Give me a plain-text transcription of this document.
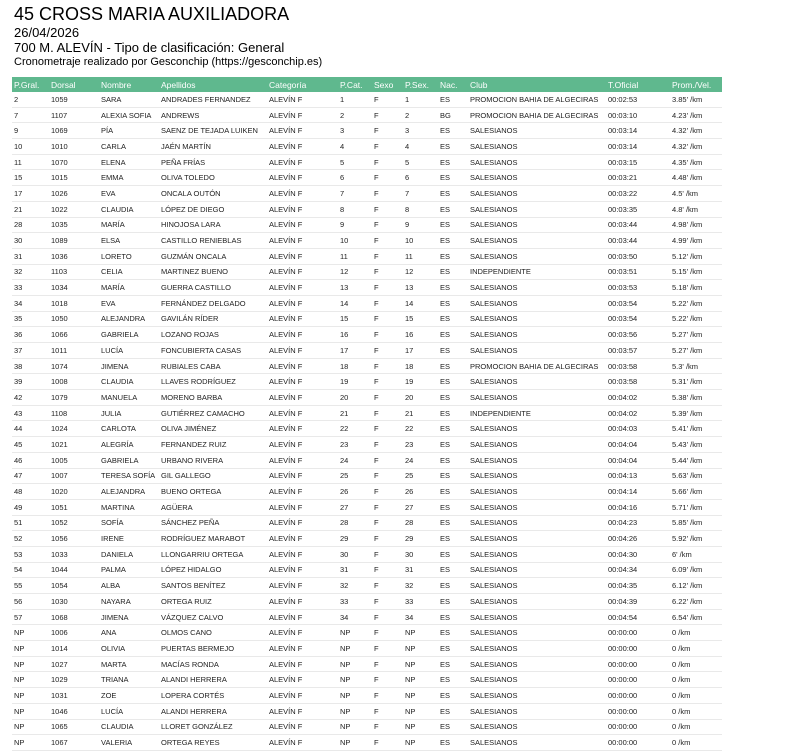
45 CROSS MARIA AUXILIADORA
26/04/2026
700 M. ALEVÍN - Tipo de clasificación: General
Cronometraje realizado por Gesconchip (https://gesconchip.es)
P.Gral.	Dorsal	Nombre	Apellidos	Categoría	P.Cat.	Sexo	P.Sex.	Nac.	Club	T.Oficial	Prom./Vel.
2	1059	SARA	ANDRADES FERNANDEZ	ALEVÍN F	1	F	1	ES	PROMOCION BAHIA DE ALGECIRAS	00:02:53	3.85' /km
7	1107	ALEXIA SOFIA	ANDREWS	ALEVÍN F	2	F	2	BG	PROMOCION BAHIA DE ALGECIRAS	00:03:10	4.23' /km
9	1069	PÍA	SAENZ DE TEJADA LUIKEN	ALEVÍN F	3	F	3	ES	SALESIANOS	00:03:14	4.32' /km
10	1010	CARLA	JAÉN MARTÍN	ALEVÍN F	4	F	4	ES	SALESIANOS	00:03:14	4.32' /km
11	1070	ELENA	PEÑA FRÍAS	ALEVÍN F	5	F	5	ES	SALESIANOS	00:03:15	4.35' /km
15	1015	EMMA	OLIVA TOLEDO	ALEVÍN F	6	F	6	ES	SALESIANOS	00:03:21	4.48' /km
17	1026	EVA	ONCALA OUTÓN	ALEVÍN F	7	F	7	ES	SALESIANOS	00:03:22	4.5' /km
21	1022	CLAUDIA	LÓPEZ DE DIEGO	ALEVÍN F	8	F	8	ES	SALESIANOS	00:03:35	4.8' /km
28	1035	MARÍA	HINOJOSA LARA	ALEVÍN F	9	F	9	ES	SALESIANOS	00:03:44	4.98' /km
30	1089	ELSA	CASTILLO RENIEBLAS	ALEVÍN F	10	F	10	ES	SALESIANOS	00:03:44	4.99' /km
31	1036	LORETO	GUZMÁN ONCALA	ALEVÍN F	11	F	11	ES	SALESIANOS	00:03:50	5.12' /km
32	1103	CELIA	MARTINEZ BUENO	ALEVÍN F	12	F	12	ES	INDEPENDIENTE	00:03:51	5.15' /km
33	1034	MARÍA	GUERRA CASTILLO	ALEVÍN F	13	F	13	ES	SALESIANOS	00:03:53	5.18' /km
34	1018	EVA	FERNÁNDEZ DELGADO	ALEVÍN F	14	F	14	ES	SALESIANOS	00:03:54	5.22' /km
35	1050	ALEJANDRA	GAVILÁN RÍDER	ALEVÍN F	15	F	15	ES	SALESIANOS	00:03:54	5.22' /km
36	1066	GABRIELA	LOZANO ROJAS	ALEVÍN F	16	F	16	ES	SALESIANOS	00:03:56	5.27' /km
37	1011	LUCÍA	FONCUBIERTA CASAS	ALEVÍN F	17	F	17	ES	SALESIANOS	00:03:57	5.27' /km
38	1074	JIMENA	RUBIALES CABA	ALEVÍN F	18	F	18	ES	PROMOCION BAHIA DE ALGECIRAS	00:03:58	5.3' /km
39	1008	CLAUDIA	LLAVES RODRÍGUEZ	ALEVÍN F	19	F	19	ES	SALESIANOS	00:03:58	5.31' /km
42	1079	MANUELA	MORENO BARBA	ALEVÍN F	20	F	20	ES	SALESIANOS	00:04:02	5.38' /km
43	1108	JULIA	GUTIÉRREZ CAMACHO	ALEVÍN F	21	F	21	ES	INDEPENDIENTE	00:04:02	5.39' /km
44	1024	CARLOTA	OLIVA JIMÉNEZ	ALEVÍN F	22	F	22	ES	SALESIANOS	00:04:03	5.41' /km
45	1021	ALEGRÍA	FERNANDEZ RUIZ	ALEVÍN F	23	F	23	ES	SALESIANOS	00:04:04	5.43' /km
46	1005	GABRIELA	URBANO RIVERA	ALEVÍN F	24	F	24	ES	SALESIANOS	00:04:04	5.44' /km
47	1007	TERESA SOFÍA	GIL GALLEGO	ALEVÍN F	25	F	25	ES	SALESIANOS	00:04:13	5.63' /km
48	1020	ALEJANDRA	BUENO ORTEGA	ALEVÍN F	26	F	26	ES	SALESIANOS	00:04:14	5.66' /km
49	1051	MARTINA	AGÜERA	ALEVÍN F	27	F	27	ES	SALESIANOS	00:04:16	5.71' /km
51	1052	SOFÍA	SÁNCHEZ PEÑA	ALEVÍN F	28	F	28	ES	SALESIANOS	00:04:23	5.85' /km
52	1056	IRENE	RODRÍGUEZ MARABOT	ALEVÍN F	29	F	29	ES	SALESIANOS	00:04:26	5.92' /km
53	1033	DANIELA	LLONGARRIU ORTEGA	ALEVÍN F	30	F	30	ES	SALESIANOS	00:04:30	6' /km
54	1044	PALMA	LÓPEZ HIDALGO	ALEVÍN F	31	F	31	ES	SALESIANOS	00:04:34	6.09' /km
55	1054	ALBA	SANTOS BENÍTEZ	ALEVÍN F	32	F	32	ES	SALESIANOS	00:04:35	6.12' /km
56	1030	NAYARA	ORTEGA RUIZ	ALEVÍN F	33	F	33	ES	SALESIANOS	00:04:39	6.22' /km
57	1068	JIMENA	VÁZQUEZ CALVO	ALEVÍN F	34	F	34	ES	SALESIANOS	00:04:54	6.54' /km
NP	1006	ANA	OLMOS CANO	ALEVÍN F	NP	F	NP	ES	SALESIANOS	00:00:00	0 /km
NP	1014	OLIVIA	PUERTAS BERMEJO	ALEVÍN F	NP	F	NP	ES	SALESIANOS	00:00:00	0 /km
NP	1027	MARTA	MACÍAS RONDA	ALEVÍN F	NP	F	NP	ES	SALESIANOS	00:00:00	0 /km
NP	1029	TRIANA	ALANDI HERRERA	ALEVÍN F	NP	F	NP	ES	SALESIANOS	00:00:00	0 /km
NP	1031	ZOE	LOPERA CORTÉS	ALEVÍN F	NP	F	NP	ES	SALESIANOS	00:00:00	0 /km
NP	1046	LUCÍA	ALANDI HERRERA	ALEVÍN F	NP	F	NP	ES	SALESIANOS	00:00:00	0 /km
NP	1065	CLAUDIA	LLORET GONZÁLEZ	ALEVÍN F	NP	F	NP	ES	SALESIANOS	00:00:00	0 /km
NP	1067	VALERIA	ORTEGA REYES	ALEVÍN F	NP	F	NP	ES	SALESIANOS	00:00:00	0 /km
